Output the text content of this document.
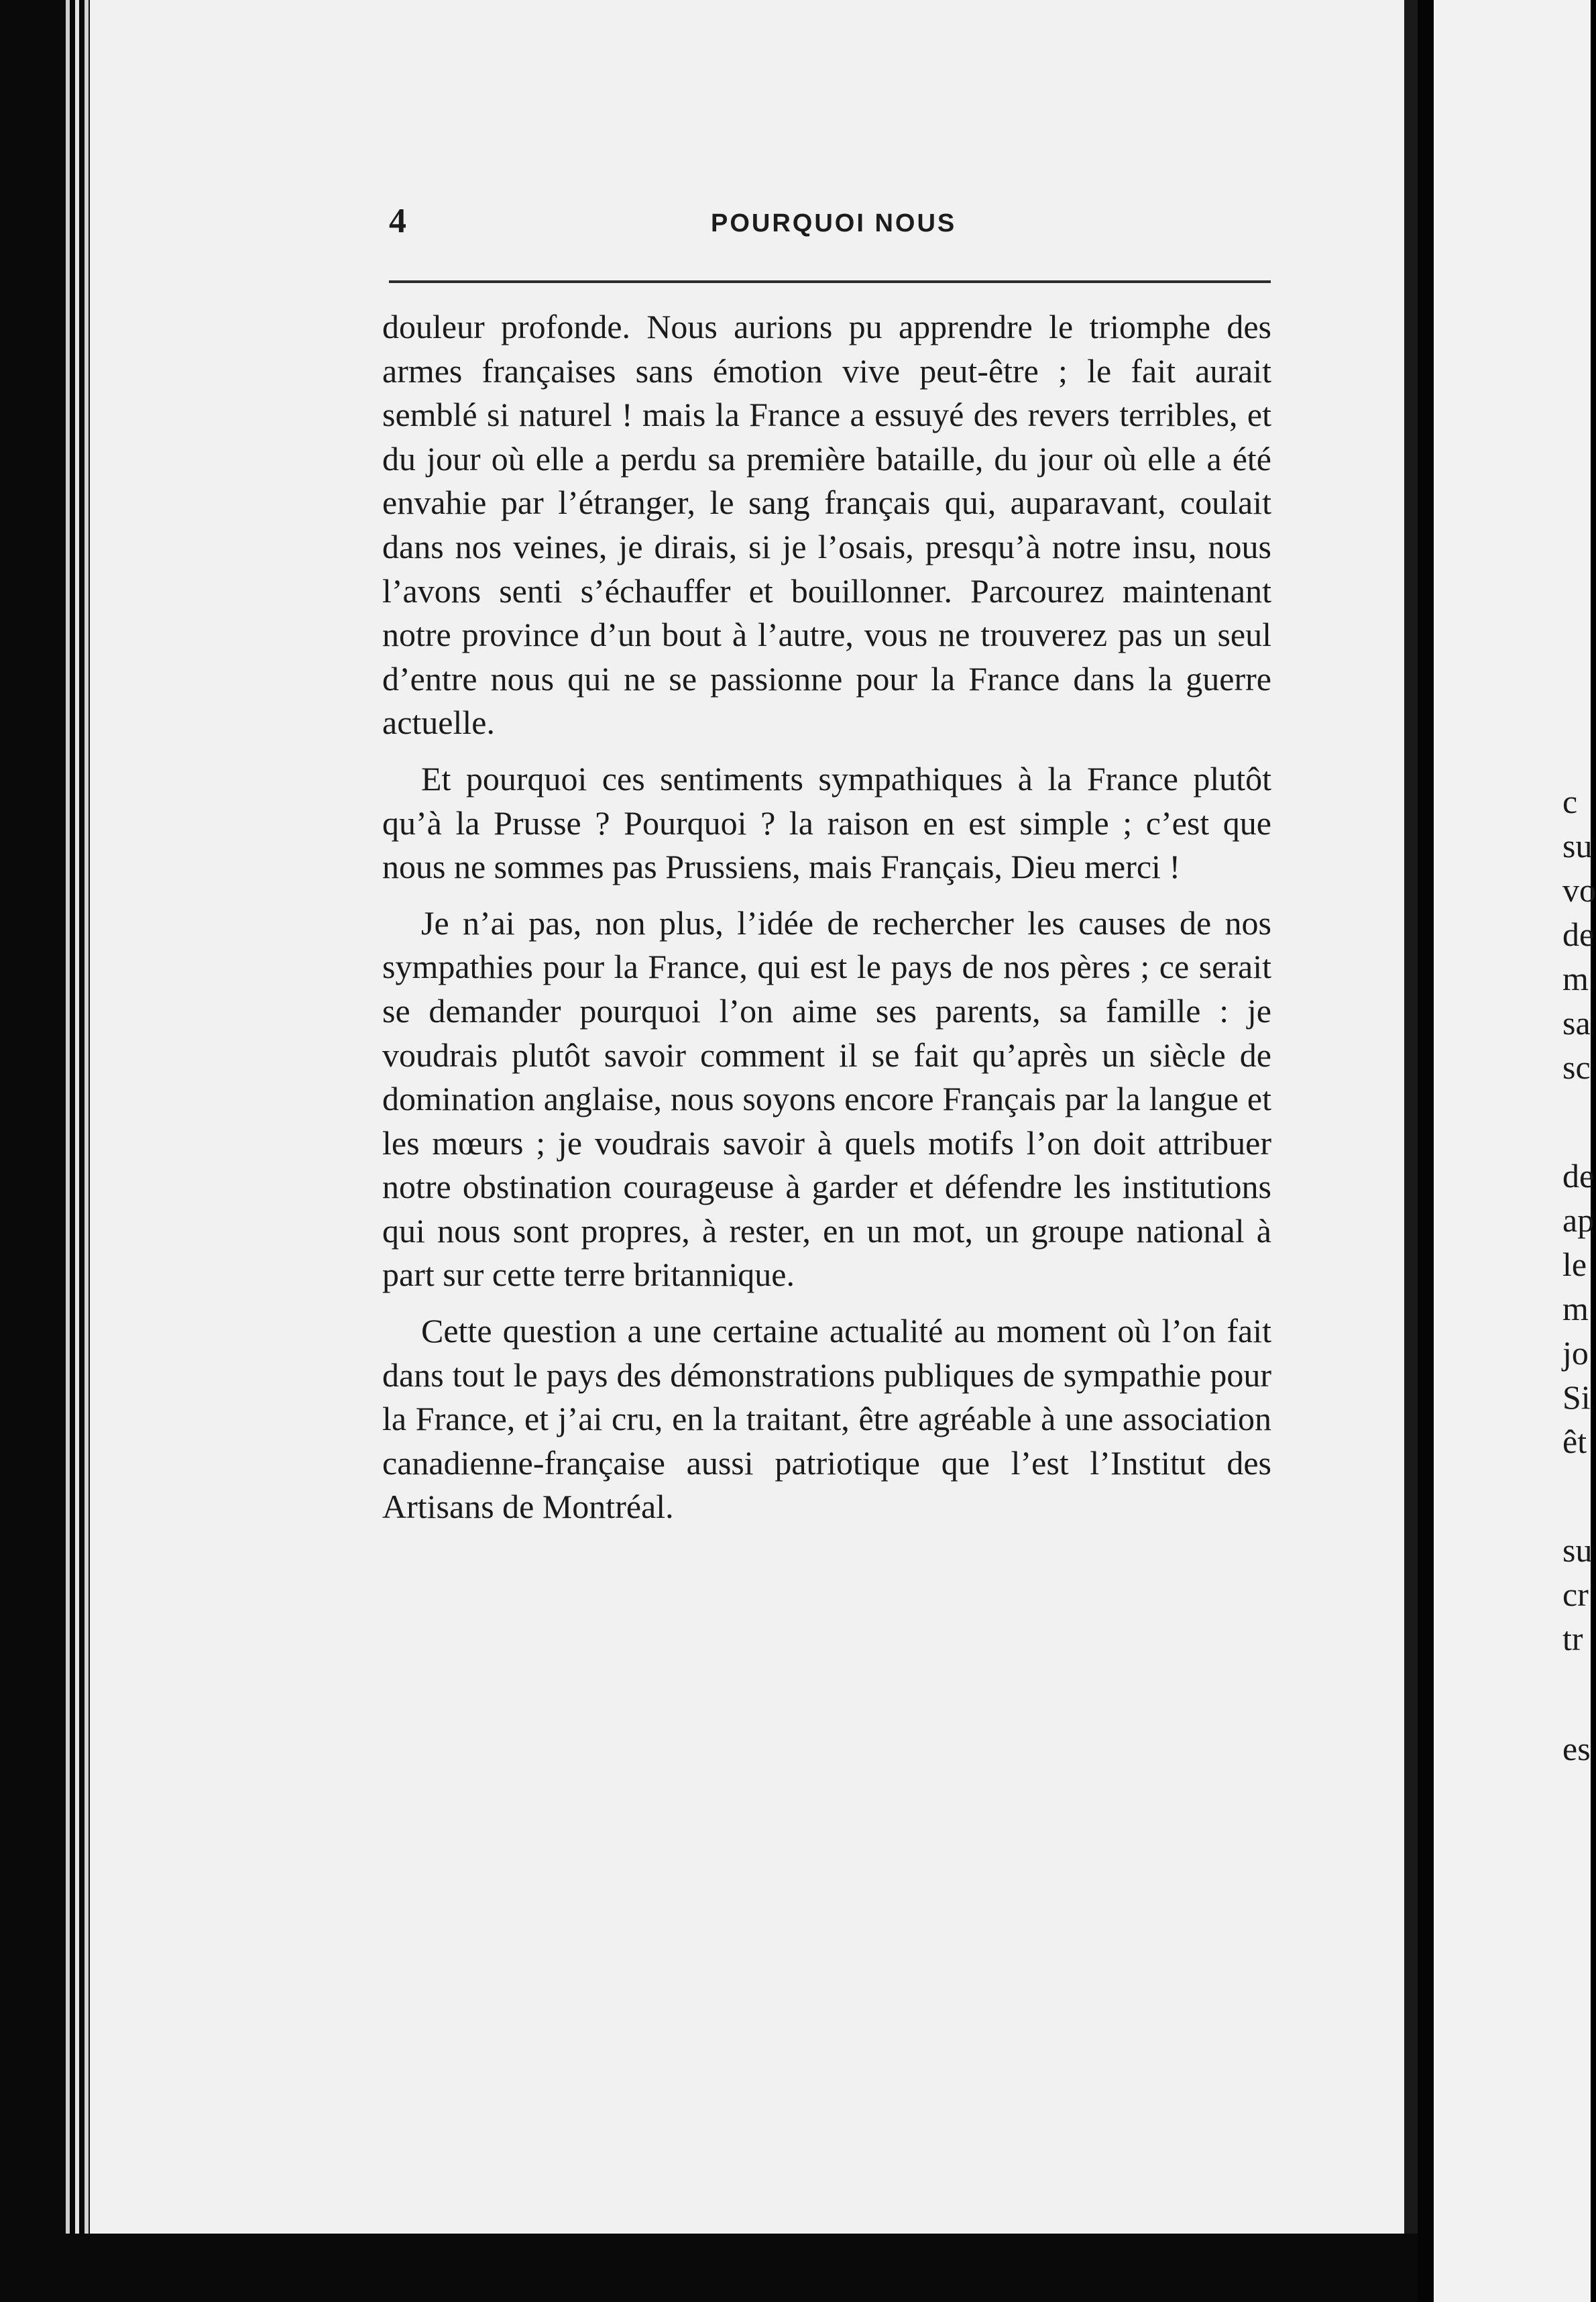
4	POURQUOI NOUS

douleur profonde. Nous aurions pu apprendre le triomphe des armes françaises sans émotion vive peut-être ; le fait aurait semblé si naturel ! mais la France a essuyé des revers terribles, et du jour où elle a perdu sa première bataille, du jour où elle a été envahie par l’étranger, le sang français qui, auparavant, coulait dans nos veines, je dirais, si je l’osais, presqu’à notre insu, nous l’avons senti s’échauffer et bouillonner. Parcourez maintenant notre province d’un bout à l’autre, vous ne trouverez pas un seul d’entre nous qui ne se passionne pour la France dans la guerre actuelle.

Et pourquoi ces sentiments sympathiques à la France plutôt qu’à la Prusse ? Pourquoi ? la raison en est simple ; c’est que nous ne sommes pas Prussiens, mais Français, Dieu merci !

Je n’ai pas, non plus, l’idée de rechercher les causes de nos sympathies pour la France, qui est le pays de nos pères ; ce serait se demander pourquoi l’on aime ses parents, sa famille : je voudrais plutôt savoir comment il se fait qu’après un siècle de domination anglaise, nous soyons encore Français par la langue et les mœurs ; je voudrais savoir à quels motifs l’on doit attribuer notre obstination courageuse à garder et défendre les institutions qui nous sont propres, à rester, en un mot, un groupe national à part sur cette terre britannique.

Cette question a une certaine actualité au moment où l’on fait dans tout le pays des démonstrations publiques de sympathie pour la France, et j’ai cru, en la traitant, être agréable à une association canadienne-française aussi patriotique que l’est l’Institut des Artisans de Montréal.

c
su
vo
de
m
sa
sc
de
ap
le
m
jo
Si
êt
su
cr
tr
es
